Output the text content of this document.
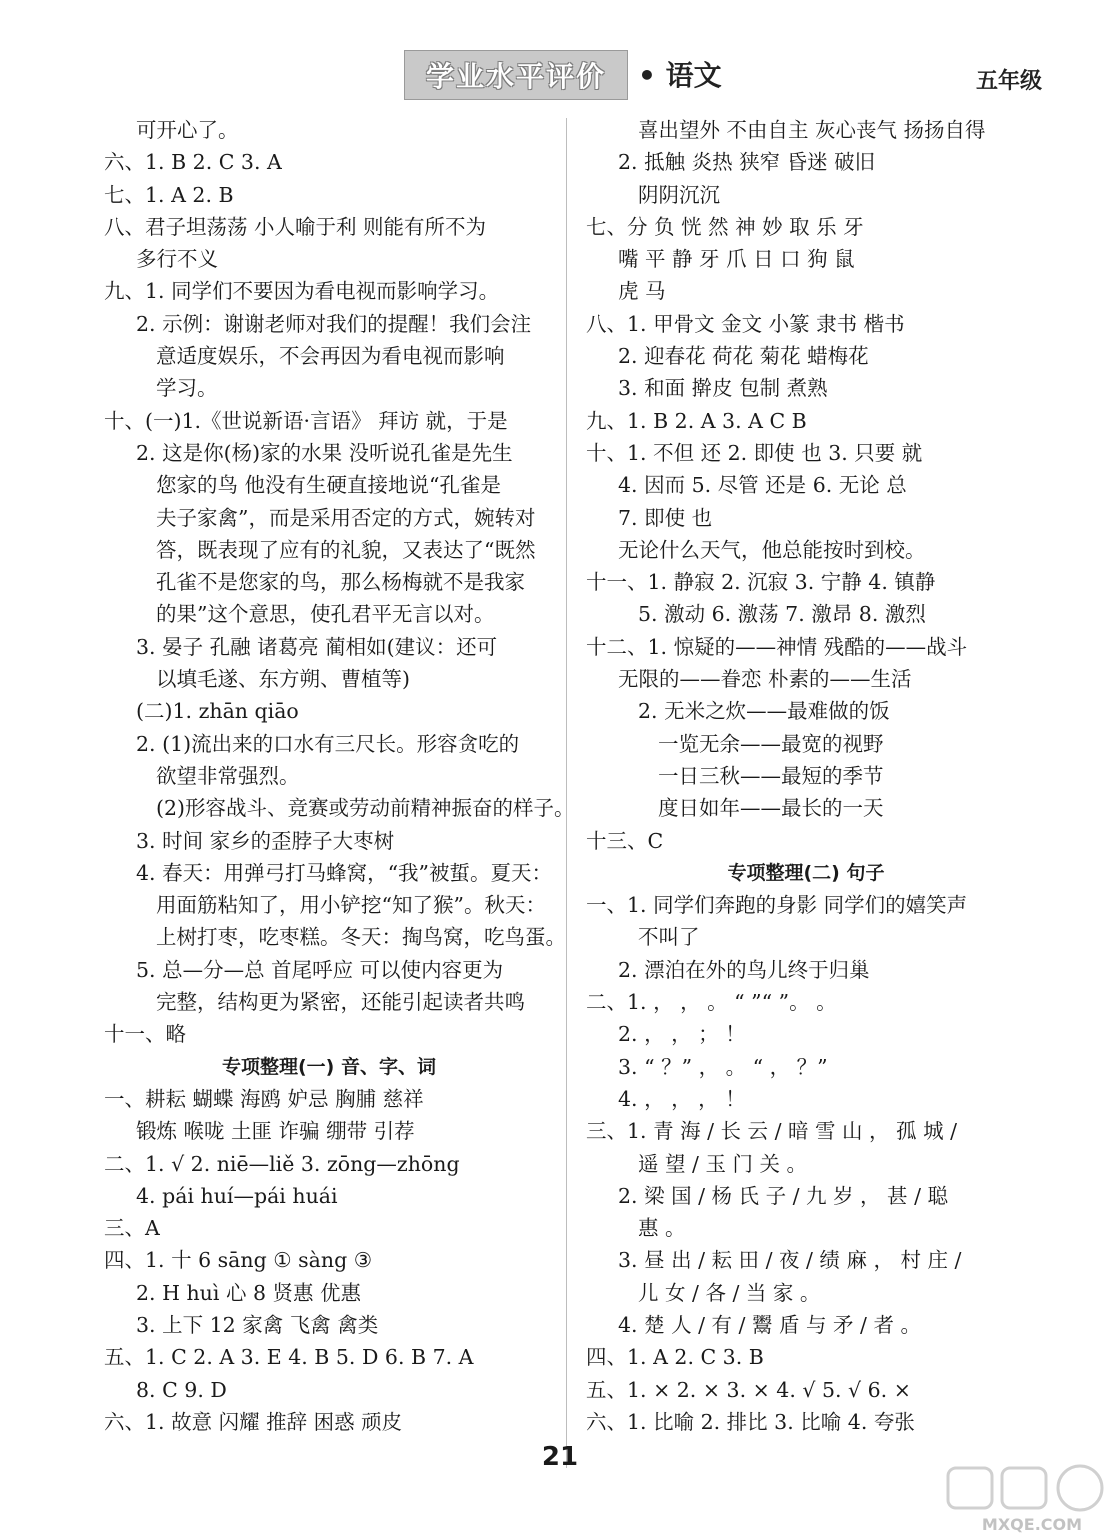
学业水平评价 • 语文	五年级
可开心了。
六、1. B 2. C 3. A
七、1. A 2. B
八、君子坦荡荡 小人喻于利 则能有所不为
多行不义
九、1. 同学们不要因为看电视而影响学习。
2. 示例：谢谢老师对我们的提醒！我们会注
意适度娱乐，不会再因为看电视而影响
学习。
十、(一)1.《世说新语·言语》 拜访 就，于是
2. 这是你(杨)家的水果 没听说孔雀是先生
您家的鸟 他没有生硬直接地说“孔雀是
夫子家禽”，而是采用否定的方式，婉转对
答，既表现了应有的礼貌，又表达了“既然
孔雀不是您家的鸟，那么杨梅就不是我家
的果”这个意思，使孔君平无言以对。
3. 晏子 孔融 诸葛亮 蔺相如(建议：还可
以填毛遂、东方朔、曹植等)
(二)1. zhān qiāo
2. (1)流出来的口水有三尺长。形容贪吃的
欲望非常强烈。
(2)形容战斗、竞赛或劳动前精神振奋的样子。
3. 时间 家乡的歪脖子大枣树
4. 春天：用弹弓打马蜂窝，“我”被蜇。夏天：
用面筋粘知了，用小铲挖“知了猴”。秋天：
上树打枣，吃枣糕。冬天：掏鸟窝，吃鸟蛋。
5. 总—分—总 首尾呼应 可以使内容更为
完整，结构更为紧密，还能引起读者共鸣
十一、略
专项整理(一) 音、字、词
一、耕耘 蝴蝶 海鸥 妒忌 胸脯 慈祥
锻炼 喉咙 土匪 诈骗 绷带 引荐
二、1. √ 2. niē—liě 3. zōng—zhōng
4. pái huí—pái huái
三、A
四、1. 十 6 sāng ① sàng ③
2. H huì 心 8 贤惠 优惠
3. 上下 12 家禽 飞禽 禽类
五、1. C 2. A 3. E 4. B 5. D 6. B 7. A
8. C 9. D
六、1. 故意 闪耀 推辞 困惑 顽皮
喜出望外 不由自主 灰心丧气 扬扬自得
2. 抵触 炎热 狭窄 昏迷 破旧
阴阴沉沉
七、分 负 恍 然 神 妙 取 乐 牙
嘴 平 静 牙 爪 日 口 狗 鼠
虎 马
八、1. 甲骨文 金文 小篆 隶书 楷书
2. 迎春花 荷花 菊花 蜡梅花
3. 和面 擀皮 包制 煮熟
九、1. B 2. A 3. A C B
十、1. 不但 还 2. 即使 也 3. 只要 就
4. 因而 5. 尽管 还是 6. 无论 总
7. 即使 也
无论什么天气，他总能按时到校。
十一、1. 静寂 2. 沉寂 3. 宁静 4. 镇静
5. 激动 6. 激荡 7. 激昂 8. 激烈
十二、1. 惊疑的——神情 残酷的——战斗
无限的——眷恋 朴素的——生活
2. 无米之炊——最难做的饭
一览无余——最宽的视野
一日三秋——最短的季节
度日如年——最长的一天
十三、C
专项整理(二) 句子
一、1. 同学们奔跑的身影 同学们的嬉笑声
不叫了
2. 漂泊在外的鸟儿终于归巢
二、1. ， ， 。 “ ”“ ”。 。
2. ， ， ； ！
3. “ ？” ， 。 “ ， ？”
4. ， ， ， ！
三、1. 青 海 / 长 云 / 暗 雪 山 ， 孤 城 /
遥 望 / 玉 门 关 。
2. 梁 国 / 杨 氏 子 / 九 岁 ， 甚 / 聪
惠 。
3. 昼 出 / 耘 田 / 夜 / 绩 麻 ， 村 庄 /
儿 女 / 各 / 当 家 。
4. 楚 人 / 有 / 鬻 盾 与 矛 / 者 。
四、1. A 2. C 3. B
五、1. × 2. × 3. × 4. √ 5. √ 6. ×
六、1. 比喻 2. 排比 3. 比喻 4. 夸张
21
MXQE.COM
